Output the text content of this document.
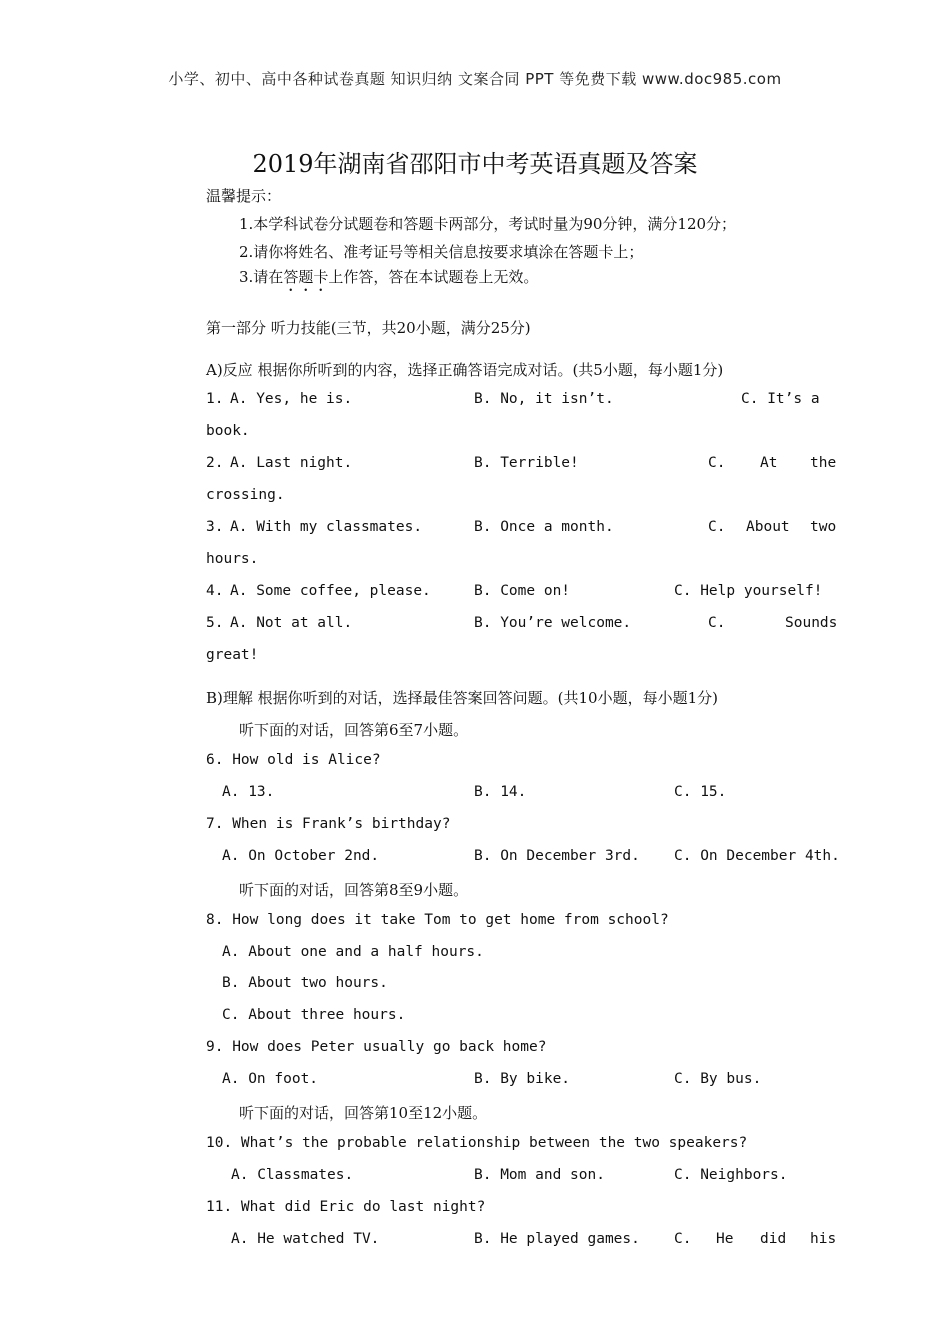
小学、初中、高中各种试卷真题 知识归纳 文案合同 PPT 等免费下载 www.doc985.com
2019年湖南省邵阳市中考英语真题及答案
温馨提示：
1.本学科试卷分试题卷和答题卡两部分，考试时量为90分钟，满分120分；
2.请你将姓名、准考证号等相关信息按要求填涂在答题卡上；
3.请在答题卡上作答，答在本试题卷上无效。
第一部分 听力技能(三节，共20小题，满分25分)
A)反应 根据你所听到的内容，选择正确答语完成对话。(共5小题，每小题1分)
1. A. Yes, he is.	B. No, it isn’t.	C. It’s a
book.
2. A. Last night.	B. Terrible!	C. At the
crossing.
3. A. With my classmates.	B. Once a month.	C. About two
hours.
4. A. Some coffee, please.	B. Come on!	C. Help yourself!
5. A. Not at all.	B. You’re welcome.	C.	Sounds
great!
B)理解 根据你听到的对话，选择最佳答案回答问题。(共10小题，每小题1分)
听下面的对话，回答第6至7小题。
6. How old is Alice?
A. 13.	B. 14.	C. 15.
7. When is Frank’s birthday?
A. On October 2nd.	B. On December 3rd. C. On December 4th.
听下面的对话，回答第8至9小题。
8. How long does it take Tom to get home from school?
A. About one and a half hours.
B. About two hours.
C. About three hours.
9. How does Peter usually go back home?
A. On foot.	B. By bike.	C. By bus.
听下面的对话，回答第10至12小题。
10. What’s the probable relationship between the two speakers?
A. Classmates.	B. Mom and son.	C. Neighbors.
11. What did Eric do last night?
A. He watched TV.	B. He played games. C. He did his
